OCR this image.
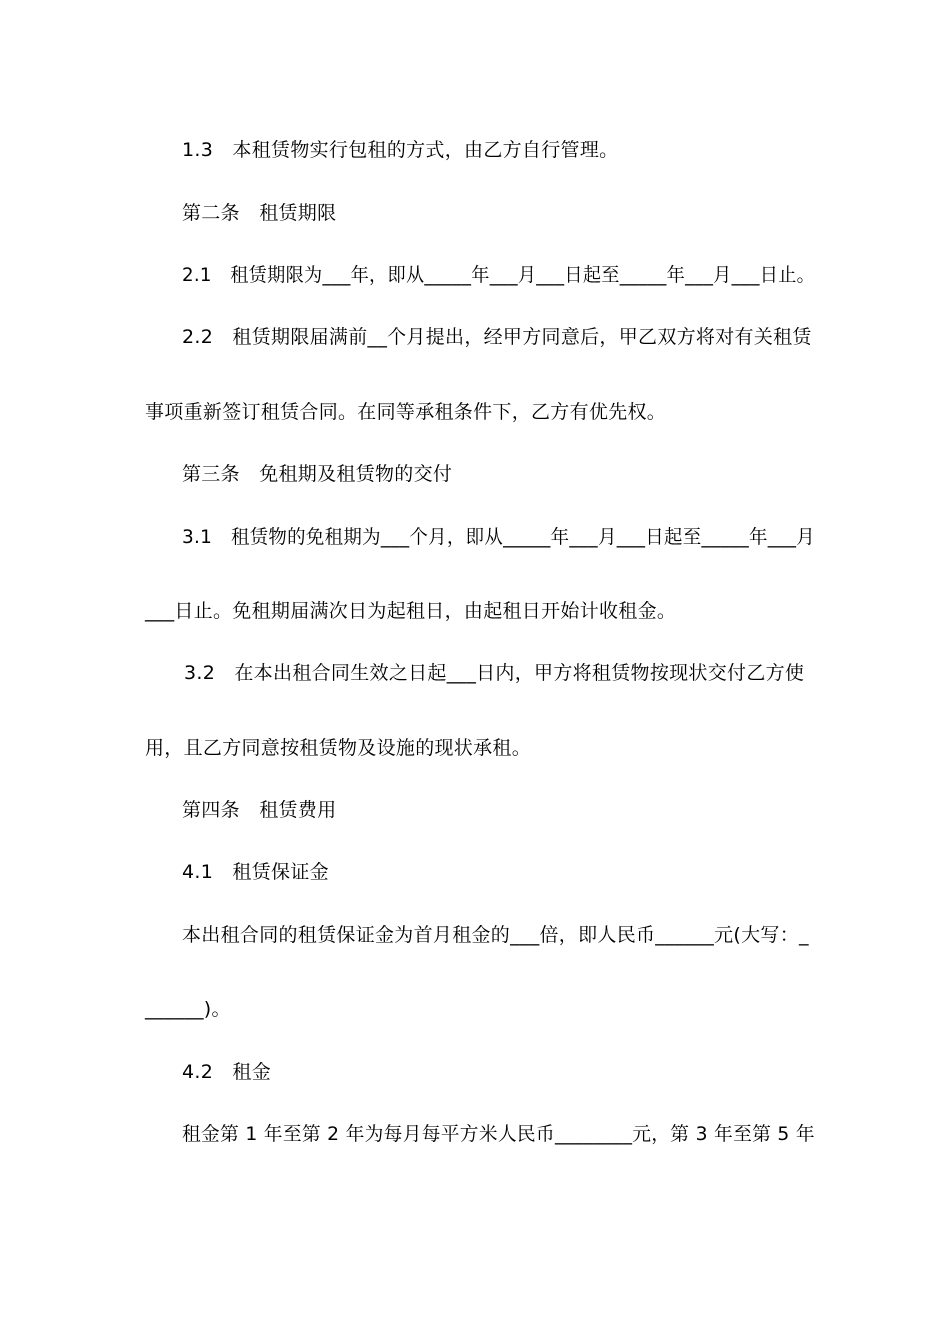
1.3　本租赁物实行包租的方式，由乙方自行管理。
第二条　租赁期限
2.1　租赁期限为___年，即从_____年___月___日起至_____年___月___日止。
2.2　租赁期限届满前__个月提出，经甲方同意后，甲乙双方将对有关租赁
事项重新签订租赁合同。在同等承租条件下，乙方有优先权。
第三条　免租期及租赁物的交付
3.1　租赁物的免租期为___个月，即从_____年___月___日起至_____年___月
___日止。免租期届满次日为起租日，由起租日开始计收租金。
3.2　在本出租合同生效之日起___日内，甲方将租赁物按现状交付乙方使
用，且乙方同意按租赁物及设施的现状承租。
第四条　租赁费用
4.1　租赁保证金
本出租合同的租赁保证金为首月租金的___倍，即人民币______元(大写：_
______)。
4.2　租金
租金第 1 年至第 2 年为每月每平方米人民币________元，第 3 年至第 5 年
